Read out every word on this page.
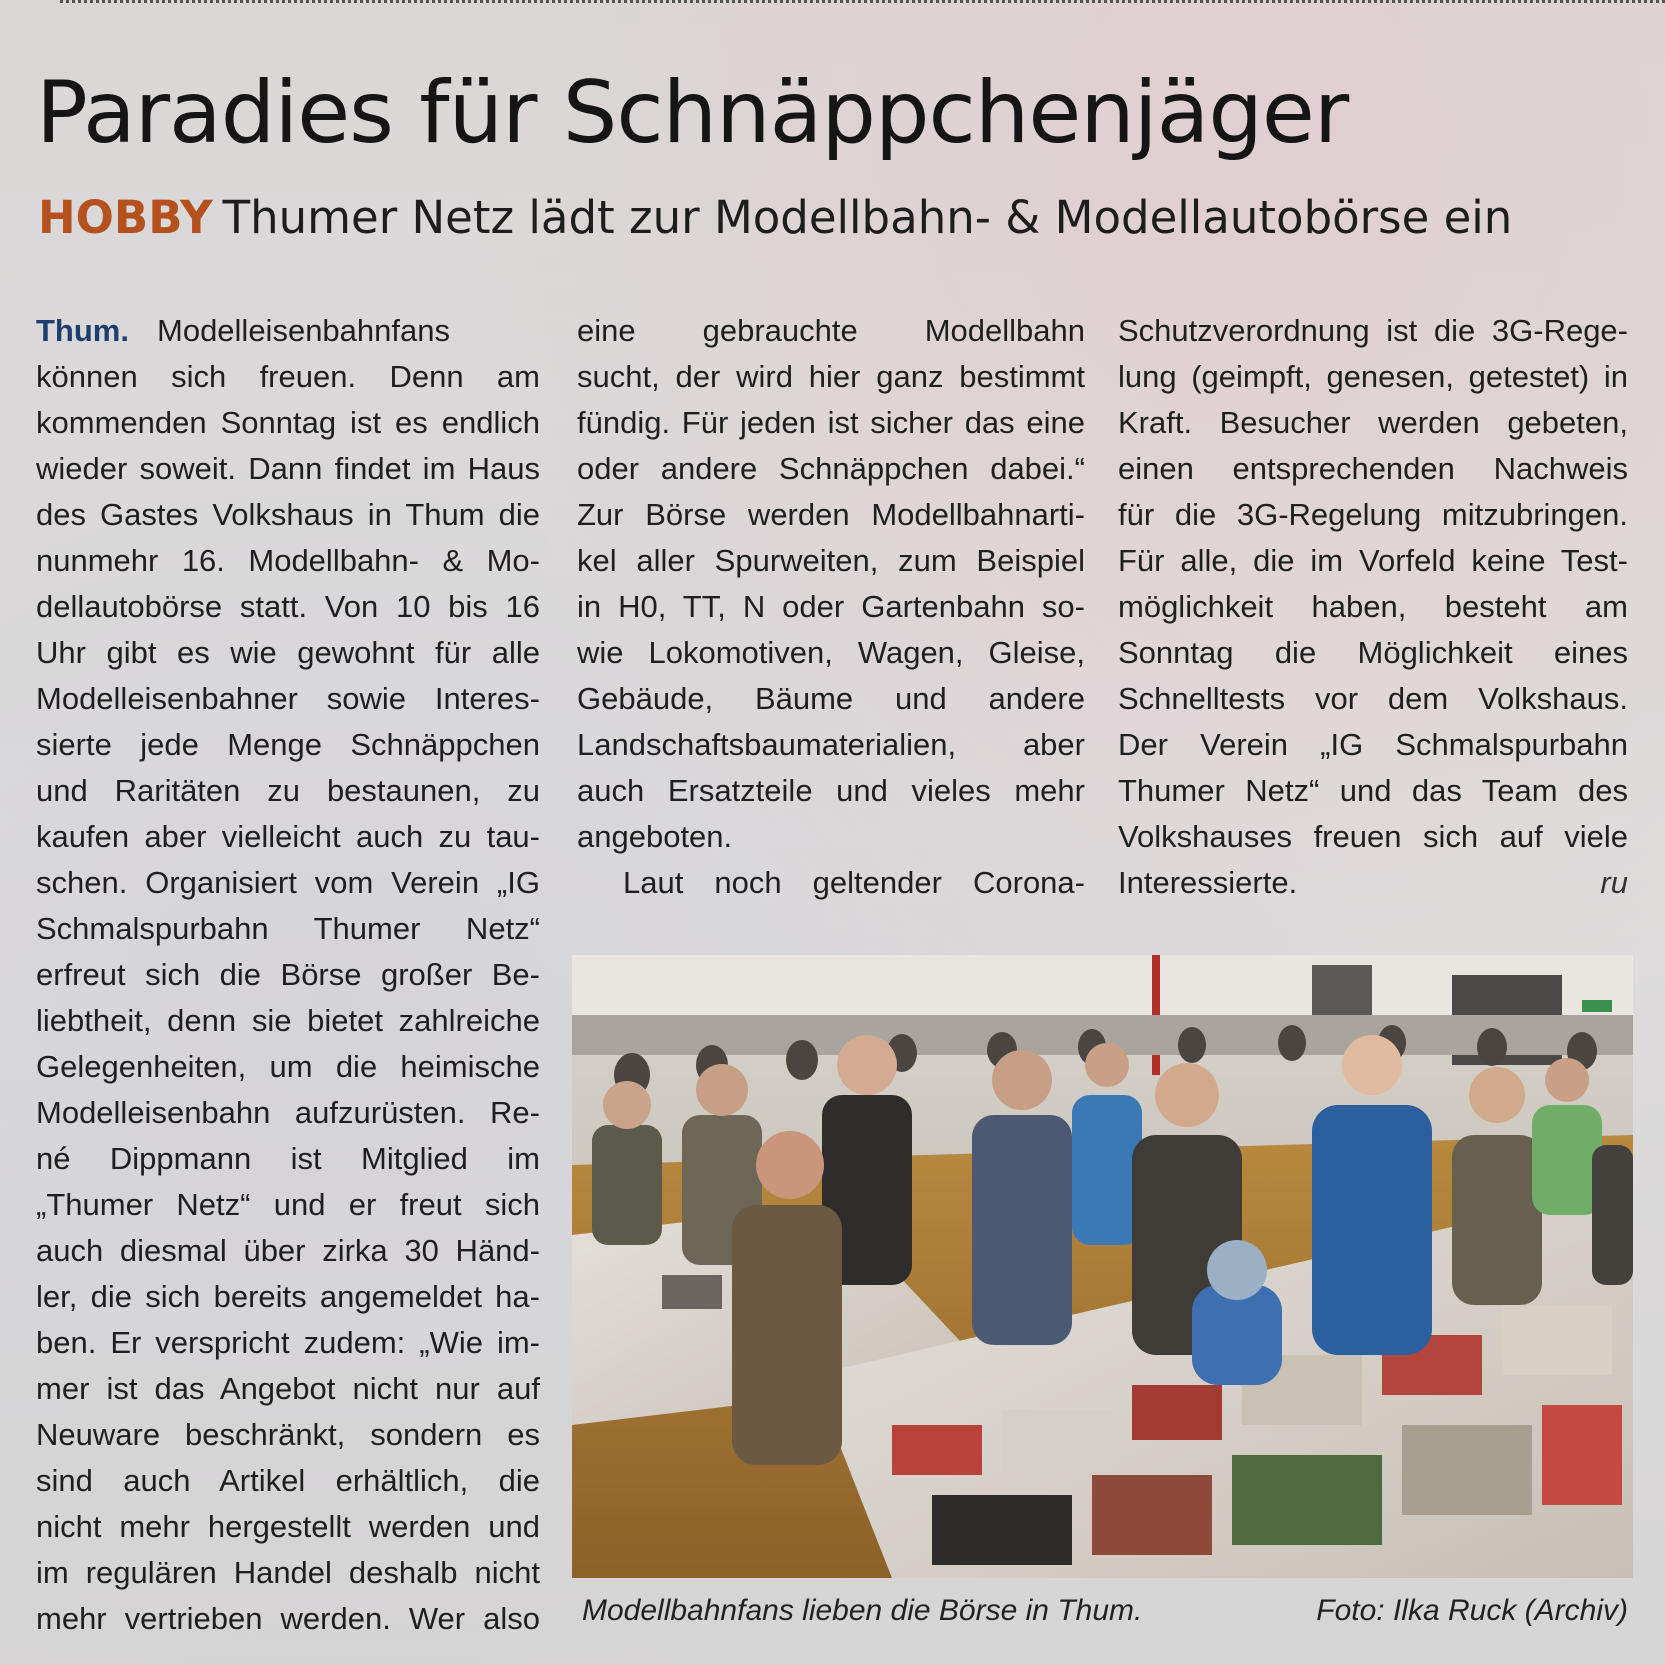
Paradies für Schnäppchenjäger
HOBBY Thumer Netz lädt zur Modellbahn- & Modellautobörse ein
Thum. Modelleisenbahnfans
können sich freuen. Denn am
kommenden Sonntag ist es endlich
wieder soweit. Dann findet im Haus
des Gastes Volkshaus in Thum die
nunmehr 16. Modellbahn- & Mo-
dellautobörse statt. Von 10 bis 16
Uhr gibt es wie gewohnt für alle
Modelleisenbahner sowie Interes-
sierte jede Menge Schnäppchen
und Raritäten zu bestaunen, zu
kaufen aber vielleicht auch zu tau-
schen. Organisiert vom Verein „IG
Schmalspurbahn Thumer Netz“
erfreut sich die Börse großer Be-
liebtheit, denn sie bietet zahlreiche
Gelegenheiten, um die heimische
Modelleisenbahn aufzurüsten. Re-
né Dippmann ist Mitglied im
„Thumer Netz“ und er freut sich
auch diesmal über zirka 30 Händ-
ler, die sich bereits angemeldet ha-
ben. Er verspricht zudem: „Wie im-
mer ist das Angebot nicht nur auf
Neuware beschränkt, sondern es
sind auch Artikel erhältlich, die
nicht mehr hergestellt werden und
im regulären Handel deshalb nicht
mehr vertrieben werden. Wer also
eine gebrauchte Modellbahn
sucht, der wird hier ganz bestimmt
fündig. Für jeden ist sicher das eine
oder andere Schnäppchen dabei.“
Zur Börse werden Modellbahnarti-
kel aller Spurweiten, zum Beispiel
in H0, TT, N oder Gartenbahn so-
wie Lokomotiven, Wagen, Gleise,
Gebäude, Bäume und andere
Landschaftsbaumaterialien, aber
auch Ersatzteile und vieles mehr
angeboten.
Laut noch geltender Corona-
Schutzverordnung ist die 3G-Rege-
lung (geimpft, genesen, getestet) in
Kraft. Besucher werden gebeten,
einen entsprechenden Nachweis
für die 3G-Regelung mitzubringen.
Für alle, die im Vorfeld keine Test-
möglichkeit haben, besteht am
Sonntag die Möglichkeit eines
Schnelltests vor dem Volkshaus.
Der Verein „IG Schmalspurbahn
Thumer Netz“ und das Team des
Volkshauses freuen sich auf viele
Interessierte.	ru
Modellbahnfans lieben die Börse in Thum.	Foto: Ilka Ruck (Archiv)
